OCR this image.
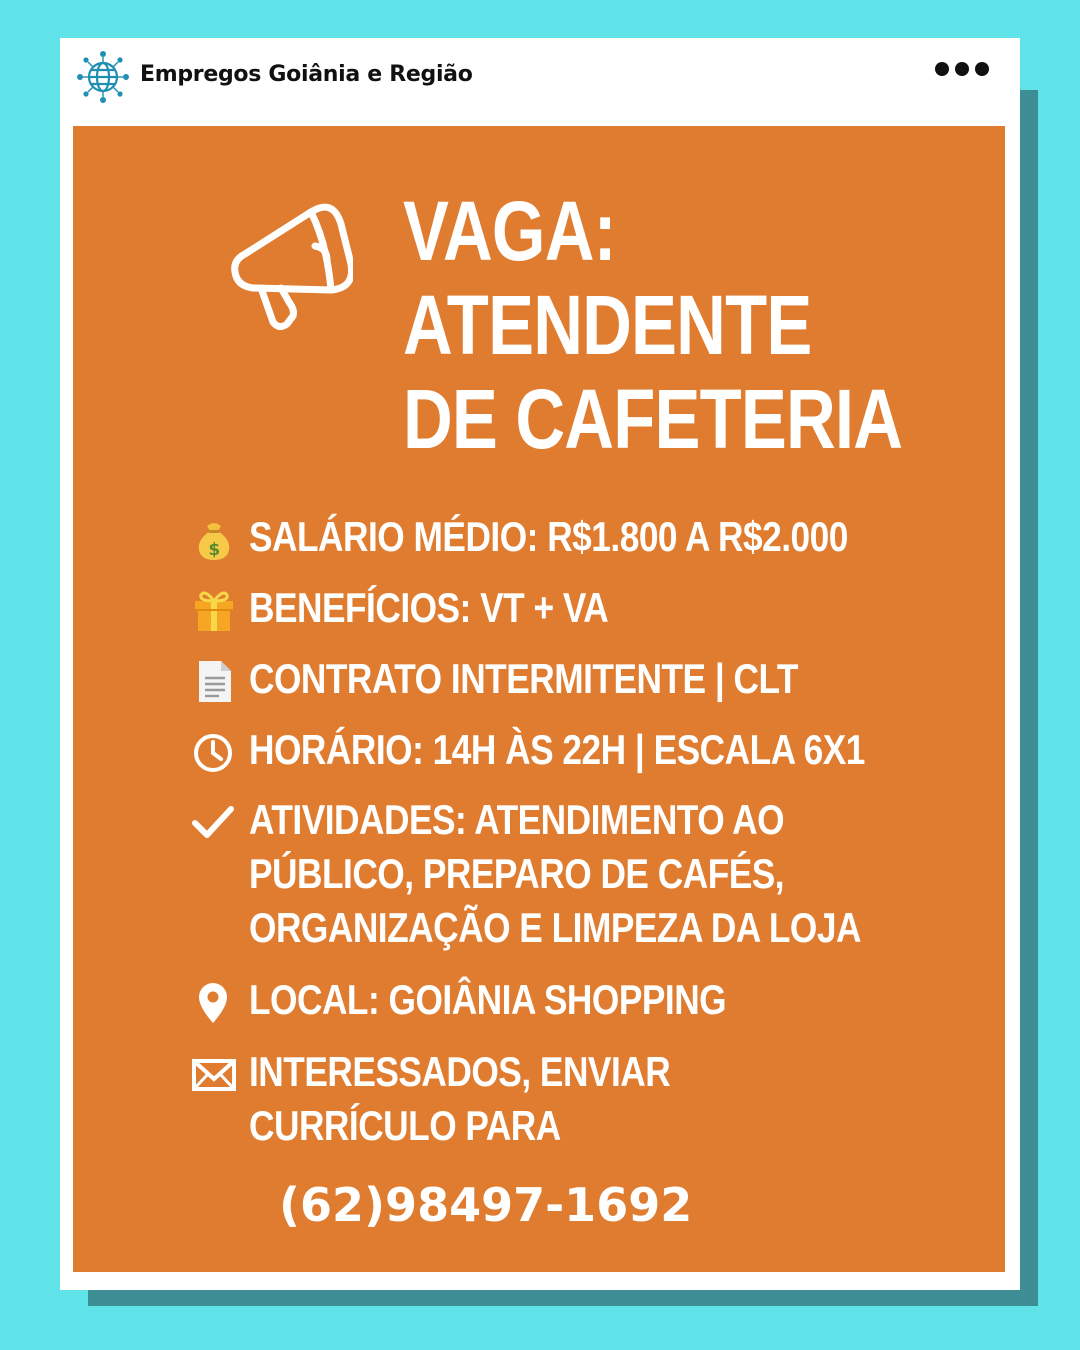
Empregos Goiânia e Região
VAGA:
ATENDENTE
DE CAFETERIA
$ SALÁRIO MÉDIO: R$1.800 A R$2.000
BENEFÍCIOS: VT + VA
CONTRATO INTERMITENTE | CLT
HORÁRIO: 14H ÀS 22H | ESCALA 6X1
ATIVIDADES: ATENDIMENTO AO
PÚBLICO, PREPARO DE CAFÉS,
ORGANIZAÇÃO E LIMPEZA DA LOJA
LOCAL: GOIÂNIA SHOPPING
INTERESSADOS, ENVIAR
CURRÍCULO PARA
(62)98497-1692
